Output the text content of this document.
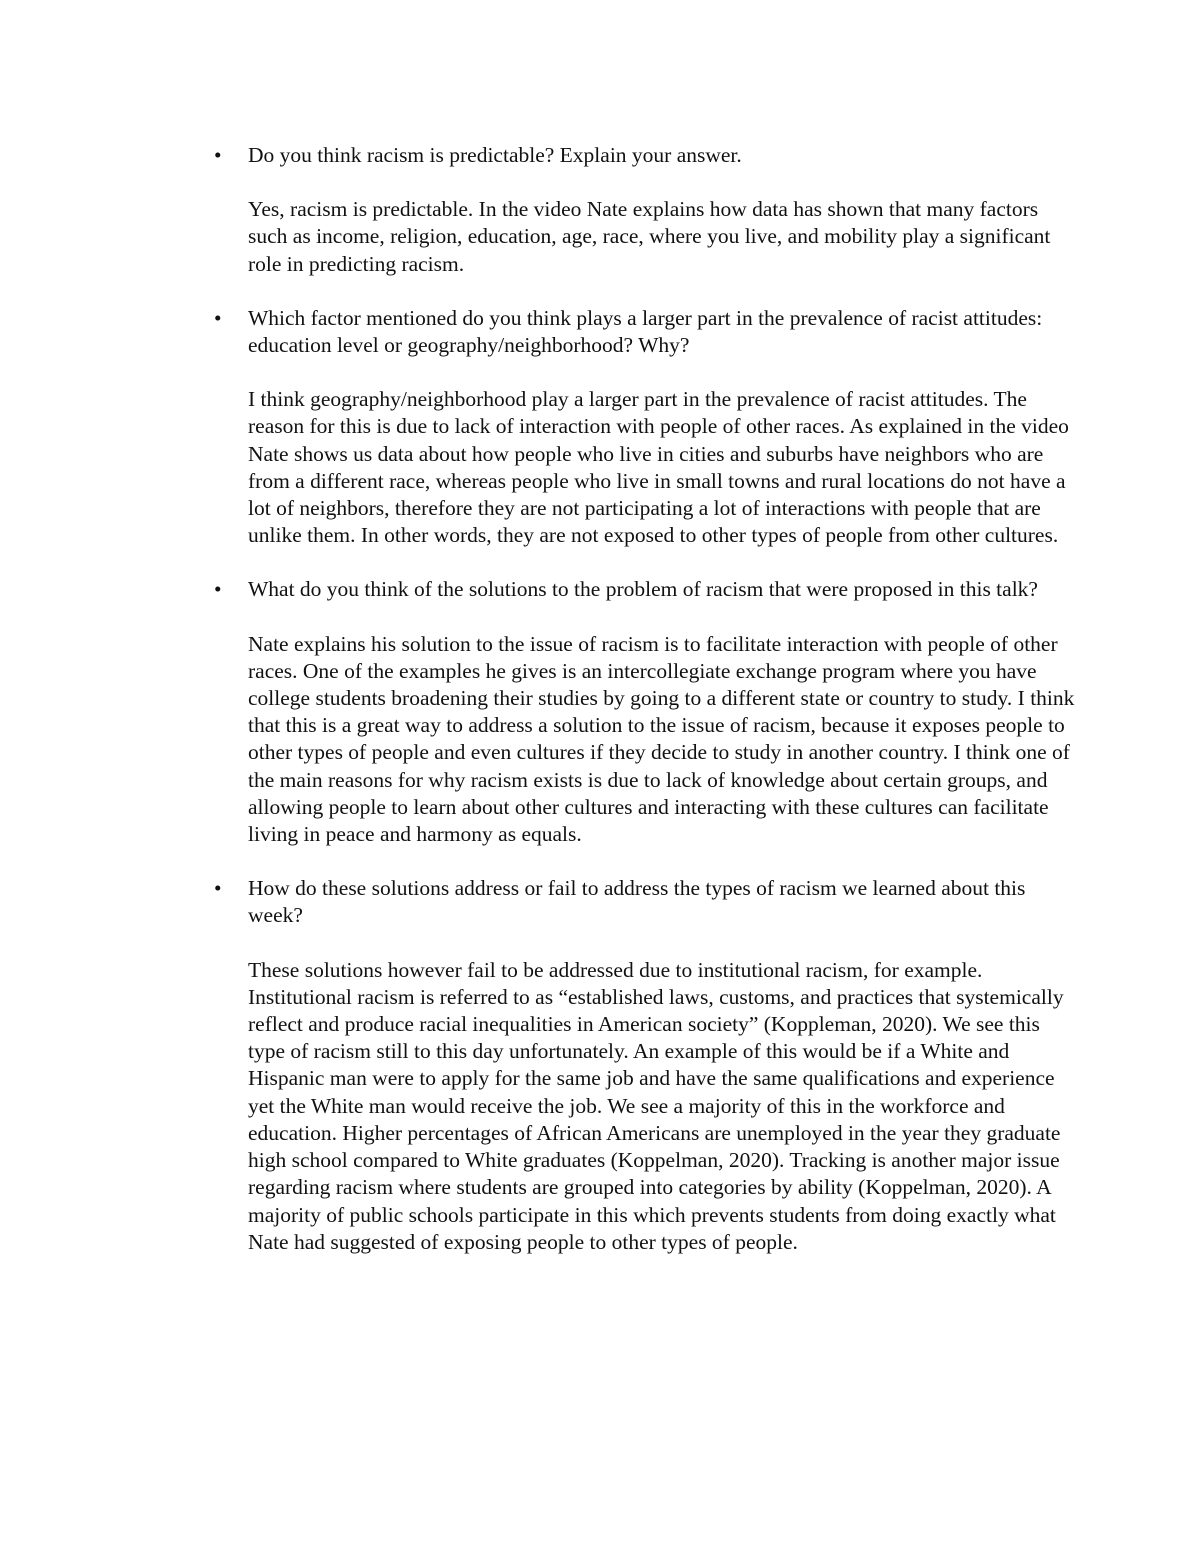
• Do you think racism is predictable? Explain your answer.

Yes, racism is predictable. In the video Nate explains how data has shown that many factors such as income, religion, education, age, race, where you live, and mobility play a significant role in predicting racism.

• Which factor mentioned do you think plays a larger part in the prevalence of racist attitudes: education level or geography/neighborhood? Why?

I think geography/neighborhood play a larger part in the prevalence of racist attitudes. The reason for this is due to lack of interaction with people of other races. As explained in the video Nate shows us data about how people who live in cities and suburbs have neighbors who are from a different race, whereas people who live in small towns and rural locations do not have a lot of neighbors, therefore they are not participating a lot of interactions with people that are unlike them. In other words, they are not exposed to other types of people from other cultures.

• What do you think of the solutions to the problem of racism that were proposed in this talk?

Nate explains his solution to the issue of racism is to facilitate interaction with people of other races. One of the examples he gives is an intercollegiate exchange program where you have college students broadening their studies by going to a different state or country to study. I think that this is a great way to address a solution to the issue of racism, because it exposes people to other types of people and even cultures if they decide to study in another country. I think one of the main reasons for why racism exists is due to lack of knowledge about certain groups, and allowing people to learn about other cultures and interacting with these cultures can facilitate living in peace and harmony as equals.

• How do these solutions address or fail to address the types of racism we learned about this week?

These solutions however fail to be addressed due to institutional racism, for example. Institutional racism is referred to as “established laws, customs, and practices that systemically reflect and produce racial inequalities in American society” (Koppleman, 2020). We see this type of racism still to this day unfortunately. An example of this would be if a White and Hispanic man were to apply for the same job and have the same qualifications and experience yet the White man would receive the job. We see a majority of this in the workforce and education. Higher percentages of African Americans are unemployed in the year they graduate high school compared to White graduates (Koppelman, 2020). Tracking is another major issue regarding racism where students are grouped into categories by ability (Koppelman, 2020). A majority of public schools participate in this which prevents students from doing exactly what Nate had suggested of exposing people to other types of people.
